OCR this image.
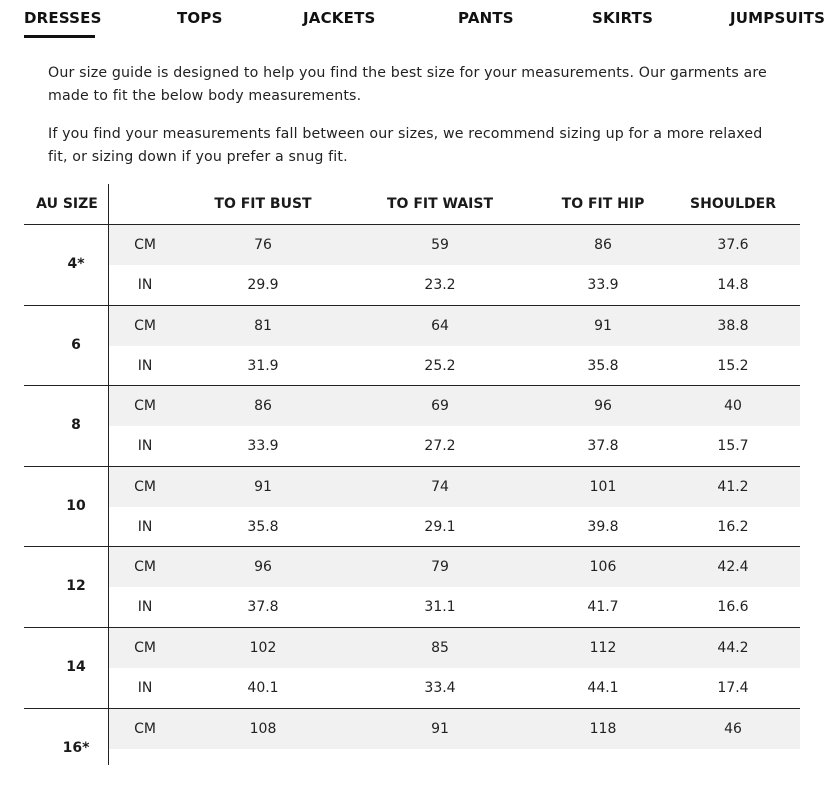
DRESSES	TOPS	JACKETS	PANTS	SKIRTS	JUMPSUITS

Our size guide is designed to help you find the best size for your measurements. Our garments are made to fit the below body measurements.

If you find your measurements fall between our sizes, we recommend sizing up for a more relaxed fit, or sizing down if you prefer a snug fit.

AU SIZE	TO FIT BUST	TO FIT WAIST	TO FIT HIP	SHOULDER
4*
CM	76	59	86	37.6
IN	29.9	23.2	33.9	14.8
6
CM	81	64	91	38.8
IN	31.9	25.2	35.8	15.2
8
CM	86	69	96	40
IN	33.9	27.2	37.8	15.7
10
CM	91	74	101	41.2
IN	35.8	29.1	39.8	16.2
12
CM	96	79	106	42.4
IN	37.8	31.1	41.7	16.6
14
CM	102	85	112	44.2
IN	40.1	33.4	44.1	17.4
16*
CM	108	91	118	46
